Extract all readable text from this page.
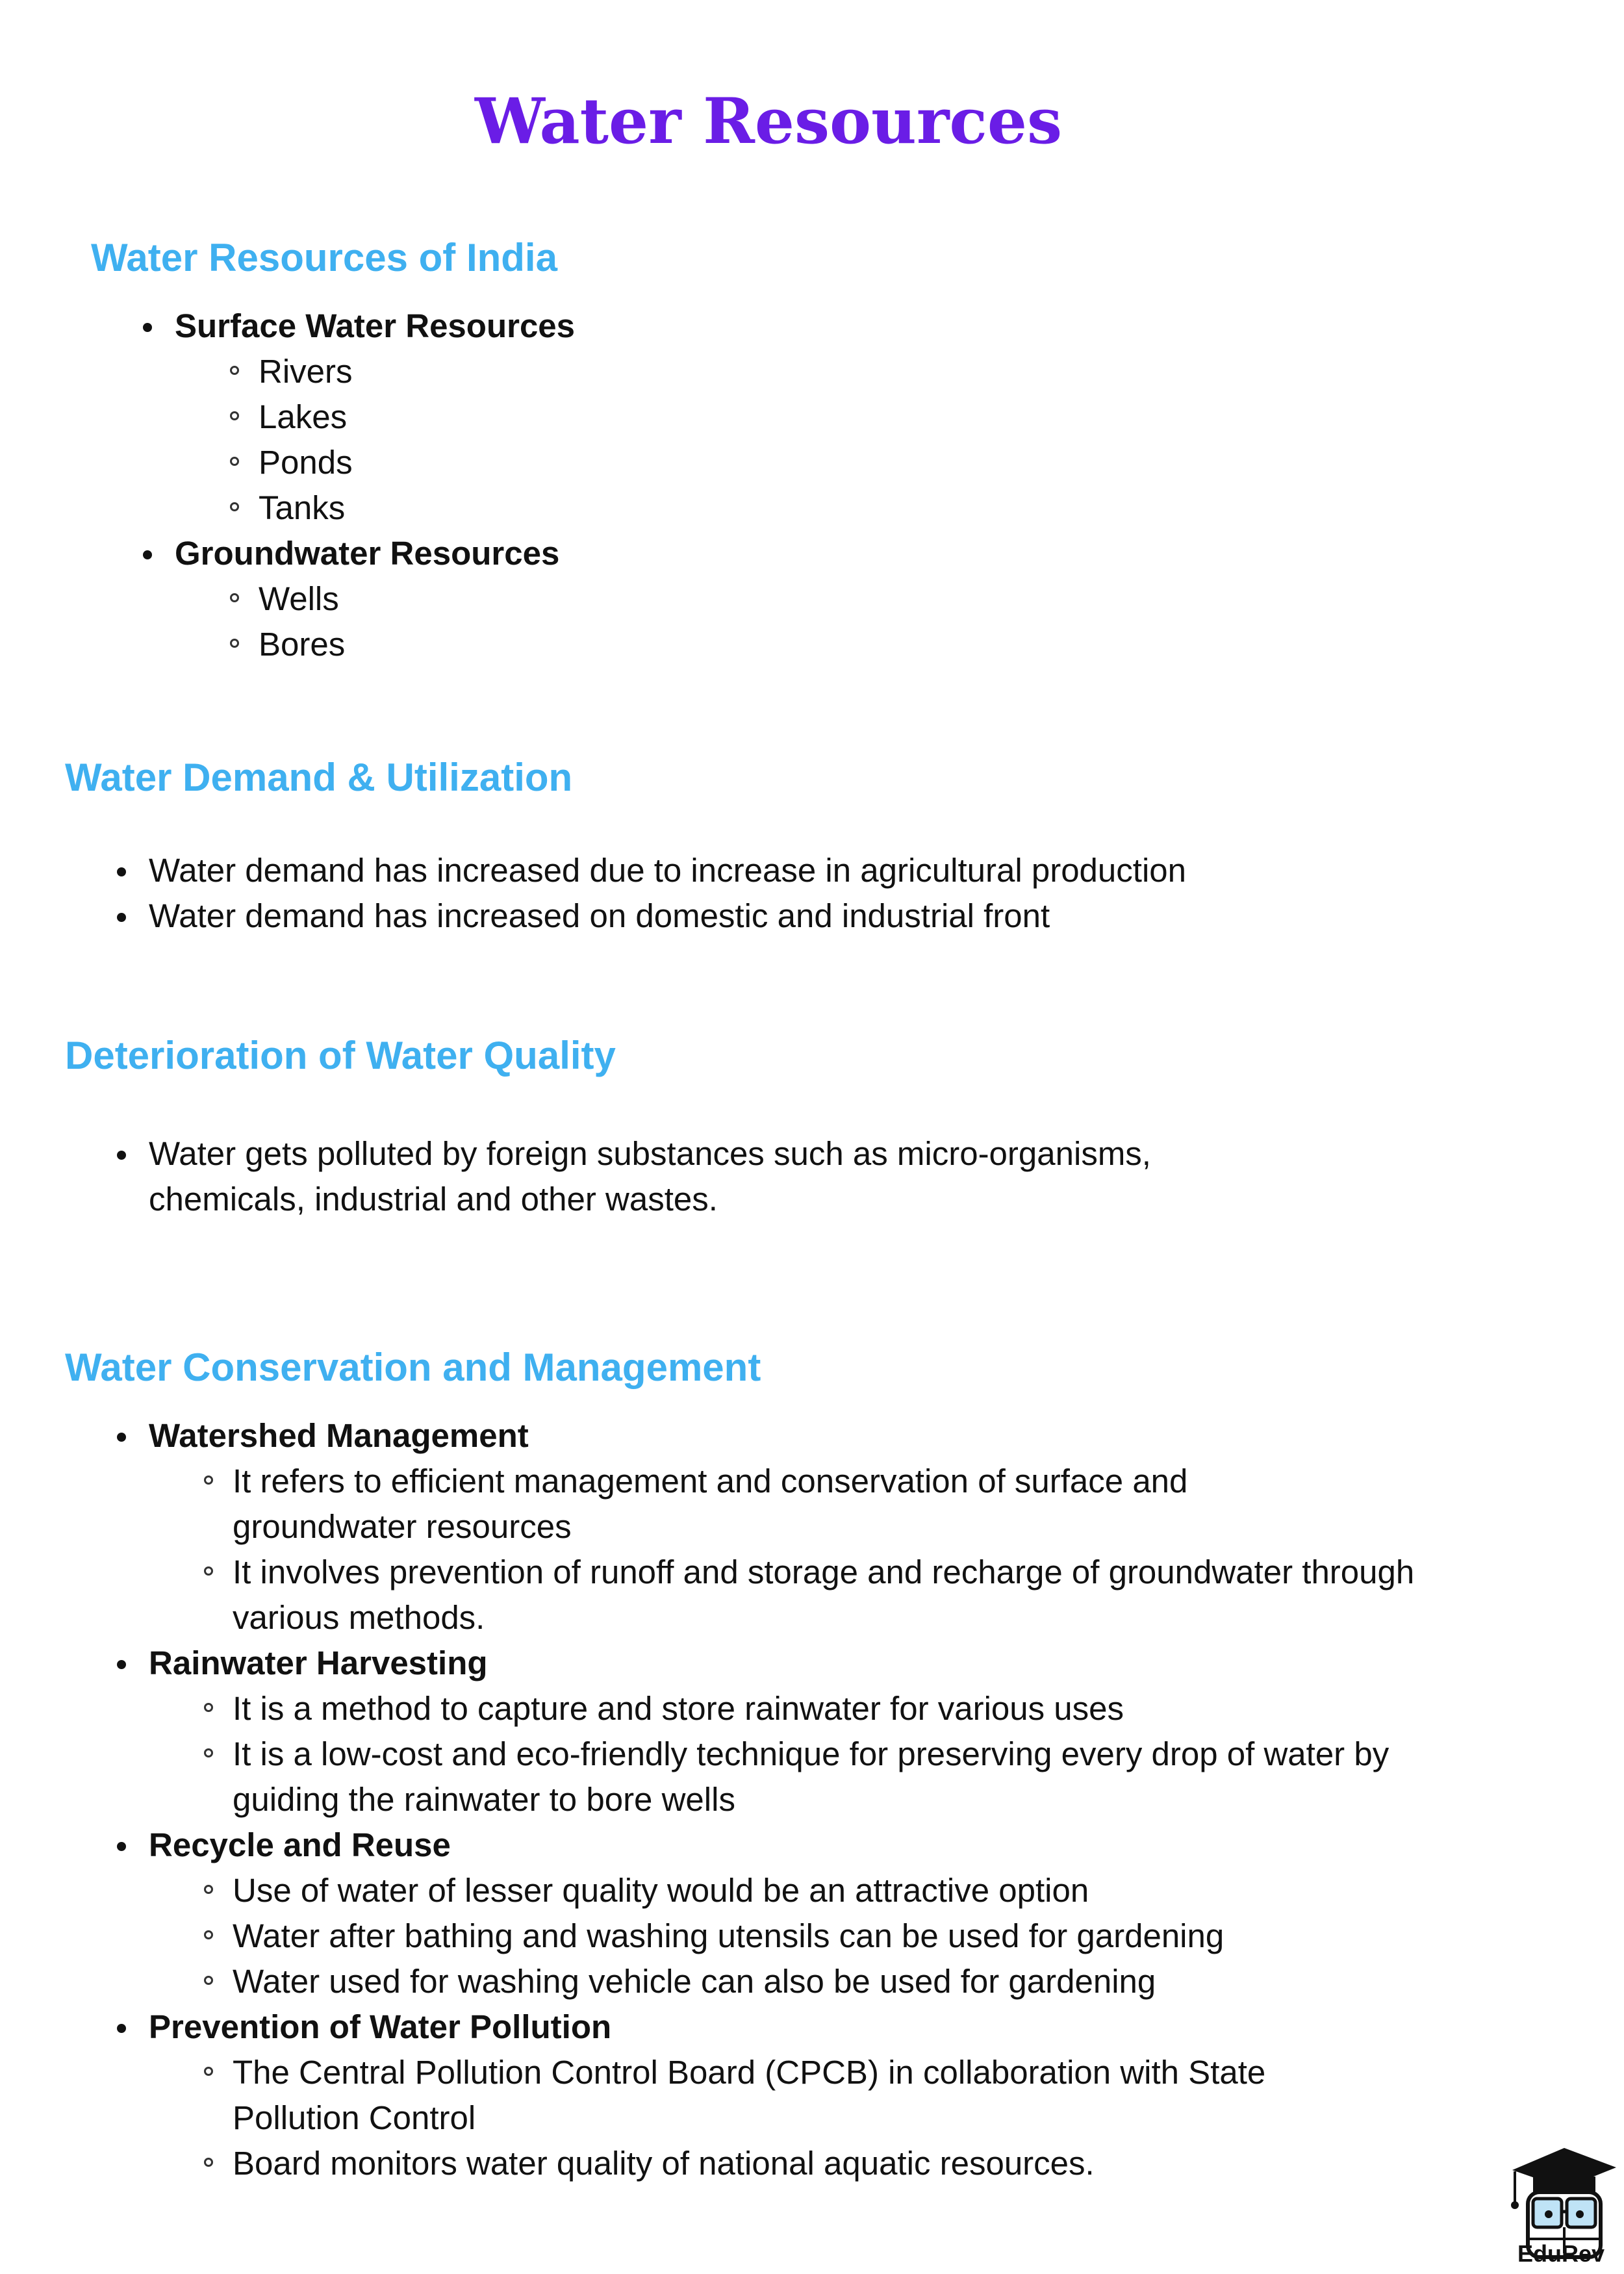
Water Resources
Water Resources of India
Surface Water Resources
Rivers
Lakes
Ponds
Tanks
Groundwater Resources
Wells
Bores
Water Demand & Utilization
Water demand has increased due to increase in agricultural production
Water demand has increased on domestic and industrial front
Deterioration of Water Quality
Water gets polluted by foreign substances such as micro-organisms, chemicals, industrial and other wastes.
Water Conservation and Management
Watershed Management
It refers to efficient management and conservation of surface and groundwater resources
It involves prevention of runoff and storage and recharge of groundwater through various methods.
Rainwater Harvesting
It is a method to capture and store rainwater for various uses
It is a low-cost and eco-friendly technique for preserving every drop of water by guiding the rainwater to bore wells
Recycle and Reuse
Use of water of lesser quality would be an attractive option
Water after bathing and washing utensils can be used for gardening
Water used for washing vehicle can also be used for gardening
Prevention of Water Pollution
The Central Pollution Control Board (CPCB) in collaboration with State Pollution Control
Board monitors water quality of national aquatic resources.
EduRev
